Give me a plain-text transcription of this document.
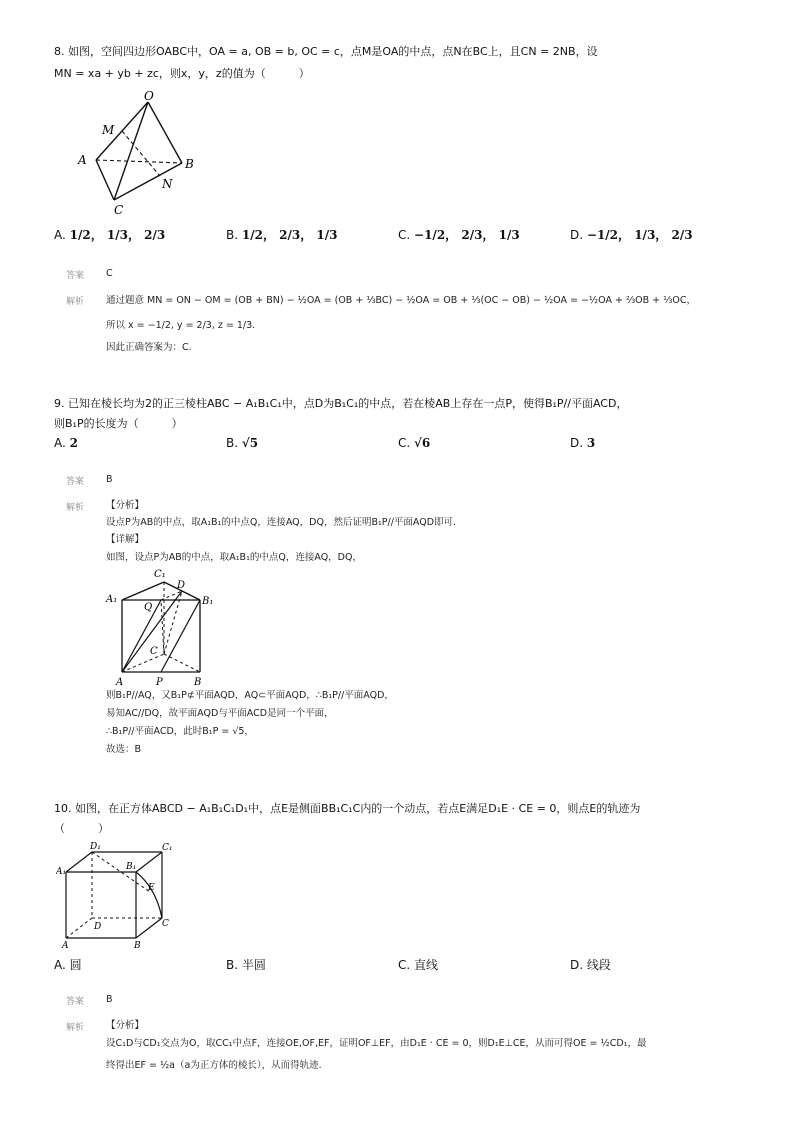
8. 如图，空间四边形OABC中，OA = a, OB = b, OC = c，点M是OA的中点，点N在BC上，且CN = 2NB，设
MN = xa + yb + zc，则x，y，z的值为（　　　）
O
M
A	B
N
C
A. 1/2， 1/3， 2/3	B. 1/2， 2/3， 1/3	C. −1/2， 2/3， 1/3	D. −1/2， 1/3， 2/3
答案 C
解析 通过题意 MN = ON − OM = (OB + BN) − ½OA = (OB + ⅓BC) − ½OA = OB + ⅓(OC − OB) − ½OA = −½OA + ⅔OB + ⅓OC，
所以 x = −1/2, y = 2/3, z = 1/3.
因此正确答案为：C.
9. 已知在棱长均为2的正三棱柱ABC − A₁B₁C₁中，点D为B₁C₁的中点，若在棱AB上存在一点P，使得B₁P//平面ACD，
则B₁P的长度为（　　　）
A. 2	B. √5	C. √6	D. 3
答案 B
解析 【分析】
设点P为AB的中点，取A₁B₁的中点Q，连接AQ，DQ，然后证明B₁P//平面AQD即可.
【详解】
如图，设点P为AB的中点，取A₁B₁的中点Q，连接AQ，DQ，
C₁
D
A₁	B₁
Q
C
A	P	B
则B₁P//AQ，又B₁P⊄平面AQD，AQ⊂平面AQD，∴B₁P//平面AQD，
易知AC//DQ，故平面AQD与平面ACD是同一个平面，
∴B₁P//平面ACD，此时B₁P = √5，
故选：B
10. 如图，在正方体ABCD − A₁B₁C₁D₁中，点E是侧面BB₁C₁C内的一个动点，若点E满足D₁E · CE = 0，则点E的轨迹为
（　　　）
D₁	C₁
A₁	B₁
E
D	C
A	B
A. 圆	B. 半圆	C. 直线	D. 线段
答案 B
解析 【分析】
设C₁D与CD₁交点为O，取CC₁中点F，连接OE,OF,EF，证明OF⊥EF，由D₁E · CE = 0，则D₁E⊥CE，从而可得OE = ½CD₁，最
终得出EF = ½a（a为正方体的棱长），从而得轨迹.
